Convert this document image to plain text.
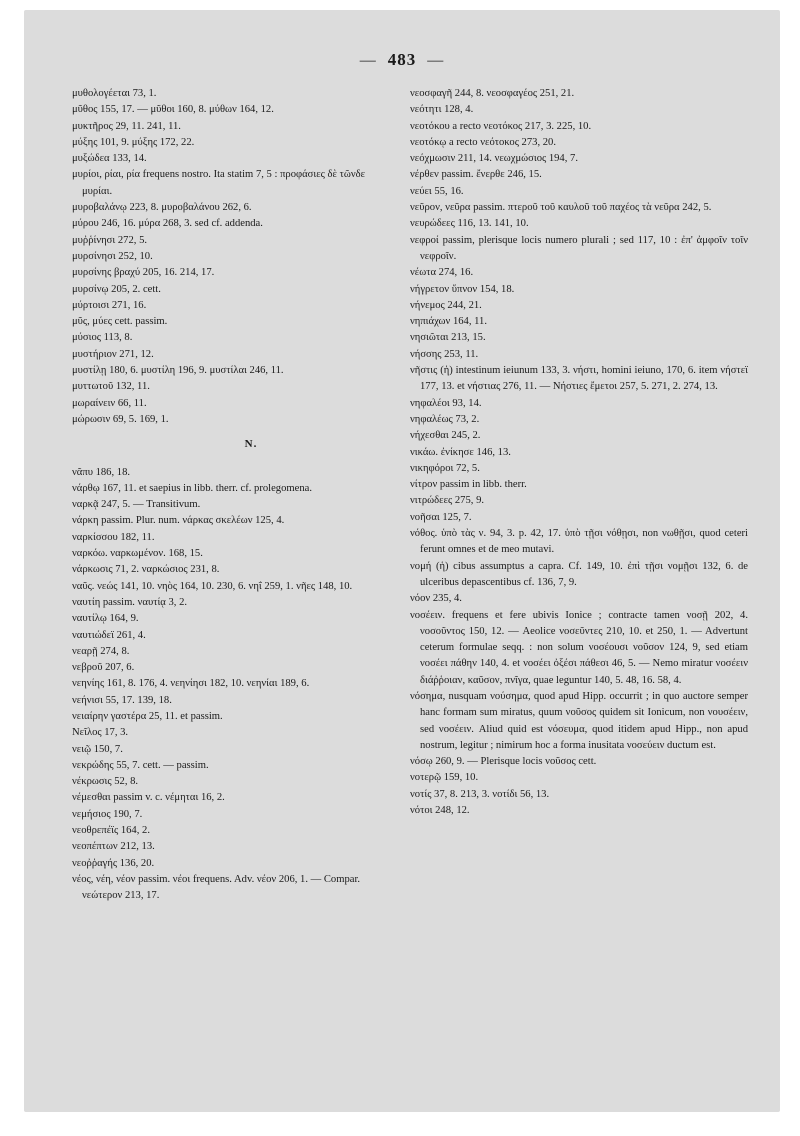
— 483 —

μυθολογέεται 73, 1.

μῦθος 155, 17. — μῦθοι 160, 8. μύθων 164, 12.

μυκτῆρος 29, 11. 241, 11.

μύξης 101, 9. μύξης 172, 22.

μυξώδεα 133, 14.

μυρίοι, ρίαι, ρία frequens nostro. Ita statim 7, 5 : προφάσιες δὲ τῶνδε μυρίαι.

μυροβαλάνῳ 223, 8. μυροβαλάνου 262, 6.

μύρου 246, 16. μύρα 268, 3. sed cf. addenda.

μυῤῥίνησι 272, 5.

μυρσίνησι 252, 10.

μυρσίνης βραχύ 205, 16. 214, 17.

μυρσίνῳ 205, 2. cett.

μύρτοισι 271, 16.

μῦς, μύες cett. passim.

μύσιος 113, 8.

μυστήριον 271, 12.

μυστίλῃ 180, 6. μυστίλη 196, 9. μυστίλαι 246, 11.

μυττωτοῦ 132, 11.

μωραίνειν 66, 11.

μώρωσιν 69, 5. 169, 1.

N.

νᾶπυ 186, 18.

νάρθῳ 167, 11. et saepius in libb. therr. cf. prolegomena.

ναρκᾷ 247, 5. — Transitivum.

νάρκη passim. Plur. num. νάρκας σκελέων 125, 4.

ναρκίσσου 182, 11.

ναρκόω. ναρκωμένον. 168, 15.

νάρκωσις 71, 2. ναρκώσιος 231, 8.

ναῦς. νεώς 141, 10. νηὸς 164, 10. 230, 6. νηΐ 259, 1. νῆες 148, 10.

ναυτίη passim. ναυτίᾳ 3, 2.

ναυτίλῳ 164, 9.

ναυτιώδεϊ 261, 4.

νεαρῇ 274, 8.

νεβροῦ 207, 6.

νεηνίης 161, 8. 176, 4. νεηνίησι 182, 10. νεηνίαι 189, 6.

νεήνισι 55, 17. 139, 18.

νειαίρην γαστέρα 25, 11. et passim.

Νεῖλος 17, 3.

νειῷ 150, 7.

νεκρώδης 55, 7. cett. — passim.

νέκρωσις 52, 8.

νέμεσθαι passim v. c. νέμηται 16, 2.

νεμήσιος 190, 7.

νεοθρεπέϊς 164, 2.

νεοπέπτων 212, 13.

νεοῤῥαγής 136, 20.

νέος, νέη, νέον passim. νέοι frequens. Adv. νέον 206, 1. — Compar. νεώτερον 213, 17.

νεοσφαγῆ 244, 8. νεοσφαγέος 251, 21.

νεότητι 128, 4.

νεοτόκου a recto νεοτόκος 217, 3. 225, 10.

νεοτόκῳ a recto νεότοκος 273, 20.

νεόχμωσιν 211, 14. νεωχμώσιος 194, 7.

νέρθεν passim. ἔνερθε 246, 15.

νεύει 55, 16.

νεῦρον, νεῦρα passim. πτεροῦ τοῦ καυλοῦ τοῦ παχέος τὰ νεῦρα 242, 5.

νευρώδεες 116, 13. 141, 10.

νεφροί passim, plerisque locis numero plurali ; sed 117, 10 : ἐπ' ἀμφοῖν τοῖν νεφροῖν.

νέωτα 274, 16.

νήγρετον ὕπνον 154, 18.

νήνεμος 244, 21.

νηπιάχων 164, 11.

νησιῶται 213, 15.

νήσσης 253, 11.

νῆστις (ἡ) intestinum ieiunum 133, 3. νήστι, homini ieiuno, 170, 6. item νήστεϊ 177, 13. et νήστιας 276, 11. — Νήστιες ἔμετοι 257, 5. 271, 2. 274, 13.

νηφαλέοι 93, 14.

νηφαλέως 73, 2.

νήχεσθαι 245, 2.

νικάω. ἐνίκησε 146, 13.

νικηφόροι 72, 5.

νίτρον passim in libb. therr.

νιτρώδεες 275, 9.

νοῆσαι 125, 7.

νόθος. ὑπὸ τὰς ν. 94, 3. p. 42, 17. ὑπὸ τῇσι νόθῃσι, non νωθῇσι, quod ceteri ferunt omnes et de meo mutavi.

νομή (ἡ) cibus assumptus a capra. Cf. 149, 10. ἐπὶ τῇσι νομῇσι 132, 6. de ulceribus depascentibus cf. 136, 7, 9.

νόον 235, 4.

νοσέειν. frequens et fere ubivis Ionice ; contracte tamen νοσῇ 202, 4. νοσοῦντος 150, 12. — Aeolice νοσεῦντες 210, 10. et 250, 1. — Advertunt ceterum formulae seqq. : non solum νοσέουσι νοῦσον 124, 9, sed etiam νοσέει πάθην 140, 4. et νοσέει ὀξέσι πάθεσι 46, 5. — Nemo miratur νοσέειν διάῤῥοιαν, καῦσον, πνῖγα, quae leguntur 140, 5. 48, 16. 58, 4.

νόσημα, nusquam νούσημα, quod apud Hipp. occurrit ; in quo auctore semper hanc formam sum miratus, quum νοῦσος quidem sit Ionicum, non νουσέειν, sed νοσέειν. Aliud quid est νόσευμα, quod itidem apud Hipp., non apud nostrum, legitur ; nimirum hoc a forma inusitata νοσεύειν ductum est.

νόσῳ 260, 9. — Plerisque locis νοῦσος cett.

νοτερῷ 159, 10.

νοτίς 37, 8. 213, 3. νοτίδι 56, 13.

νότοι 248, 12.
